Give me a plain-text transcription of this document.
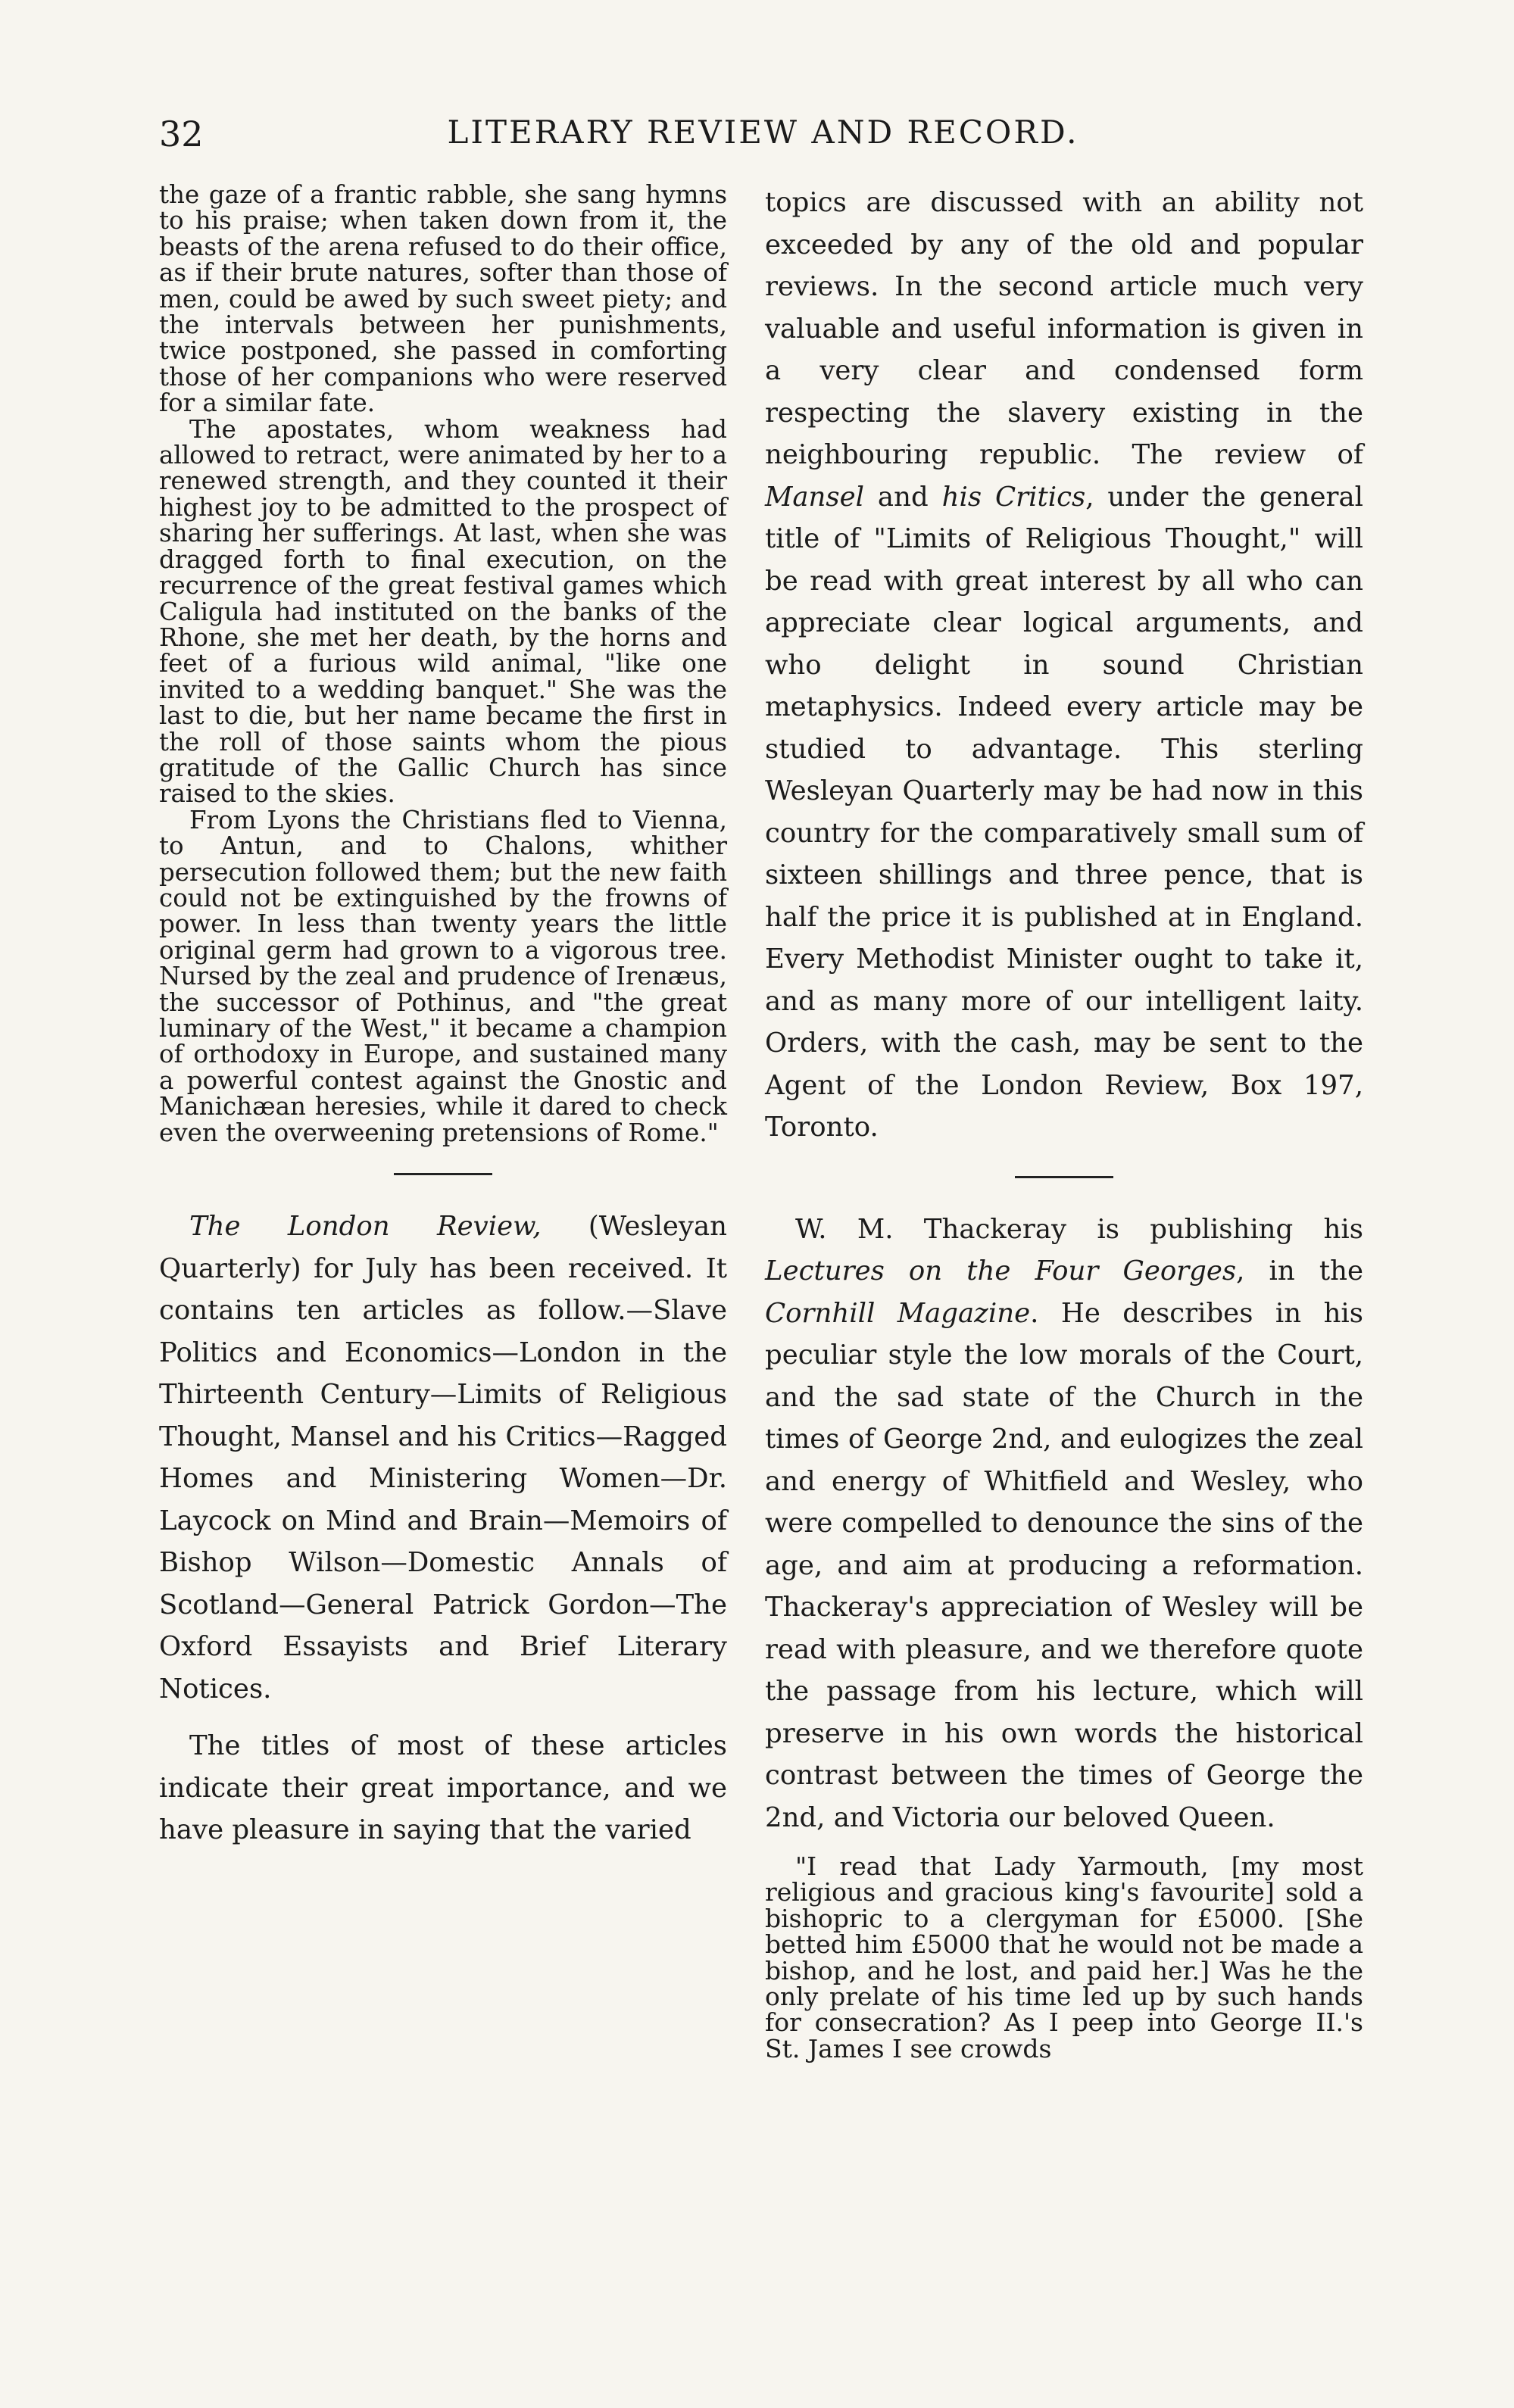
32	LITERARY REVIEW AND RECORD.

the gaze of a frantic rabble, she sang hymns to his praise; when taken down from it, the beasts of the arena refused to do their office, as if their brute natures, softer than those of men, could be awed by such sweet piety; and the intervals between her punishments, twice postponed, she passed in comforting those of her companions who were reserved for a similar fate.

The apostates, whom weakness had allowed to retract, were animated by her to a renewed strength, and they counted it their highest joy to be admitted to the prospect of sharing her sufferings. At last, when she was dragged forth to final execution, on the recurrence of the great festival games which Caligula had instituted on the banks of the Rhone, she met her death, by the horns and feet of a furious wild animal, "like one invited to a wedding banquet." She was the last to die, but her name became the first in the roll of those saints whom the pious gratitude of the Gallic Church has since raised to the skies.

From Lyons the Christians fled to Vienna, to Antun, and to Chalons, whither persecution followed them; but the new faith could not be extinguished by the frowns of power. In less than twenty years the little original germ had grown to a vigorous tree. Nursed by the zeal and prudence of Irenæus, the successor of Pothinus, and "the great luminary of the West," it became a champion of orthodoxy in Europe, and sustained many a powerful contest against the Gnostic and Manichæan heresies, while it dared to check even the overweening pretensions of Rome."

The London Review, (Wesleyan Quarterly) for July has been received. It contains ten articles as follow.—Slave Politics and Economics—London in the Thirteenth Century—Limits of Religious Thought, Mansel and his Critics—Ragged Homes and Ministering Women—Dr. Laycock on Mind and Brain—Memoirs of Bishop Wilson—Domestic Annals of Scotland—General Patrick Gordon—The Oxford Essayists and Brief Literary Notices.

The titles of most of these articles indicate their great importance, and we have pleasure in saying that the varied

topics are discussed with an ability not exceeded by any of the old and popular reviews. In the second article much very valuable and useful information is given in a very clear and condensed form respecting the slavery existing in the neighbouring republic. The review of Mansel and his Critics, under the general title of "Limits of Religious Thought," will be read with great interest by all who can appreciate clear logical arguments, and who delight in sound Christian metaphysics. Indeed every article may be studied to advantage. This sterling Wesleyan Quarterly may be had now in this country for the comparatively small sum of sixteen shillings and three pence, that is half the price it is published at in England. Every Methodist Minister ought to take it, and as many more of our intelligent laity. Orders, with the cash, may be sent to the Agent of the London Review, Box 197, Toronto.

W. M. Thackeray is publishing his Lectures on the Four Georges, in the Cornhill Magazine. He describes in his peculiar style the low morals of the Court, and the sad state of the Church in the times of George 2nd, and eulogizes the zeal and energy of Whitfield and Wesley, who were compelled to denounce the sins of the age, and aim at producing a reformation. Thackeray's appreciation of Wesley will be read with pleasure, and we therefore quote the passage from his lecture, which will preserve in his own words the historical contrast between the times of George the 2nd, and Victoria our beloved Queen.

"I read that Lady Yarmouth, [my most religious and gracious king's favourite] sold a bishopric to a clergyman for £5000. [She betted him £5000 that he would not be made a bishop, and he lost, and paid her.] Was he the only prelate of his time led up by such hands for consecration? As I peep into George II.'s St. James I see crowds
